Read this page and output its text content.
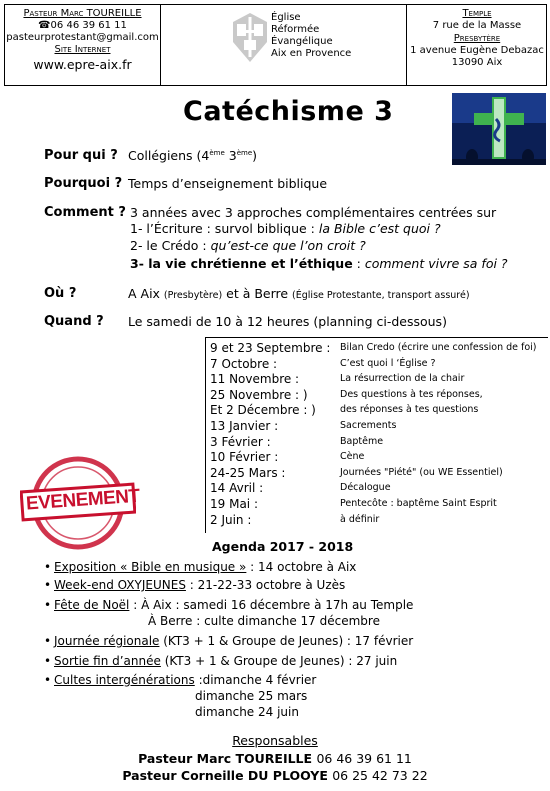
Pasteur Marc TOUREILLE
☎06 46 39 61 11
pasteurprotestant@gmail.com
Site Internet
www.epre-aix.fr
Église
Réformée
Évangélique
Aix en Provence
Temple
7 rue de la Masse
Presbytère
1 avenue Eugène Debazac
13090 Aix
Catéchisme 3
Pour qui ? Collégiens (4ème 3ème)
Pourquoi ? Temps d’enseignement biblique
Comment ? 3 années avec 3 approches complémentaires centrées sur
1- l’Écriture : survol biblique : la Bible c’est quoi ?
2- le Crédo : qu’est-ce que l’on croit ?
3- la vie chrétienne et l’éthique : comment vivre sa foi ?
Où ?	A Aix (Presbytère) et à Berre (Église Protestante, transport assuré)
Quand ? Le samedi de 10 à 12 heures (planning ci-dessous)
9 et 23 Septembre : Bilan Credo (écrire une confession de foi)
7 Octobre :	C’est quoi l ‘Église ?
11 Novembre :	La résurrection de la chair
25 Novembre : )	Des questions à tes réponses,
Et 2 Décembre : )	des réponses à tes questions
13 Janvier :	Sacrements
3 Février :	Baptême
10 Février :	Cène
24-25 Mars :	Journées "Piété" (ou WE Essentiel)
14 Avril :	Décalogue
19 Mai :	Pentecôte : baptême Saint Esprit
2 Juin :	à définir
EVENEMENT
Agenda 2017 - 2018
• Exposition « Bible en musique » : 14 octobre à Aix
• Week-end OXYJEUNES : 21-22-33 octobre à Uzès
• Fête de Noël : À Aix : samedi 16 décembre à 17h au Temple
À Berre : culte dimanche 17 décembre
• Journée régionale (KT3 + 1 & Groupe de Jeunes) : 17 février
• Sortie fin d’année (KT3 + 1 & Groupe de Jeunes) : 27 juin
• Cultes intergénérations :dimanche 4 février
dimanche 25 mars
dimanche 24 juin
Responsables
Pasteur Marc TOUREILLE 06 46 39 61 11
Pasteur Corneille DU PLOOYE 06 25 42 73 22
